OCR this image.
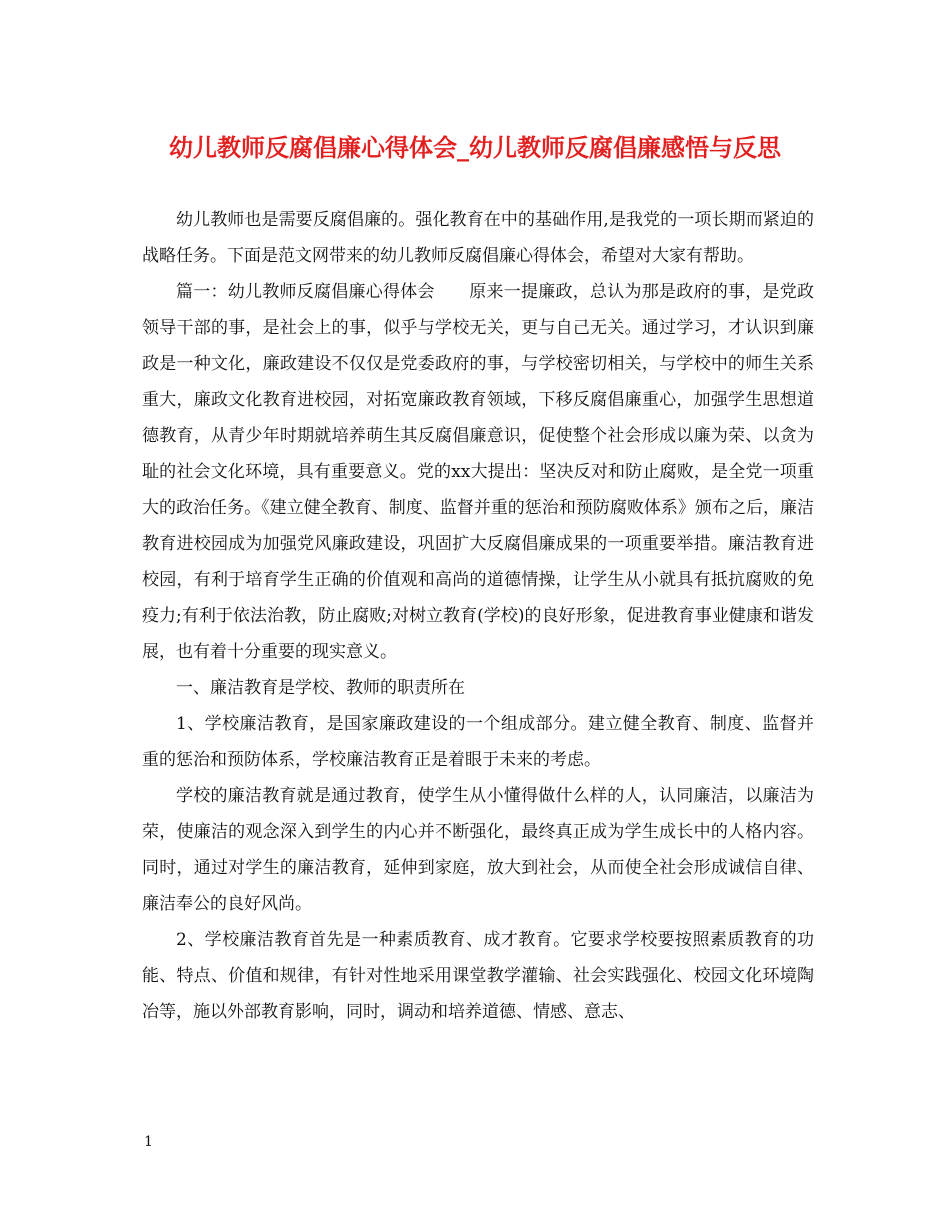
幼儿教师反腐倡廉心得体会_幼儿教师反腐倡廉感悟与反思

幼儿教师也是需要反腐倡廉的。强化教育在中的基础作用,是我党的一项长期而紧迫的战略任务。下面是范文网带来的幼儿教师反腐倡廉心得体会，希望对大家有帮助。

篇一：幼儿教师反腐倡廉心得体会　　原来一提廉政，总认为那是政府的事，是党政领导干部的事，是社会上的事，似乎与学校无关，更与自己无关。通过学习，才认识到廉政是一种文化，廉政建设不仅仅是党委政府的事，与学校密切相关，与学校中的师生关系重大，廉政文化教育进校园，对拓宽廉政教育领域，下移反腐倡廉重心，加强学生思想道德教育，从青少年时期就培养萌生其反腐倡廉意识，促使整个社会形成以廉为荣、以贪为耻的社会文化环境，具有重要意义。党的xx大提出：坚决反对和防止腐败，是全党一项重大的政治任务。《建立健全教育、制度、监督并重的惩治和预防腐败体系》颁布之后，廉洁教育进校园成为加强党风廉政建设，巩固扩大反腐倡廉成果的一项重要举措。廉洁教育进校园，有利于培育学生正确的价值观和高尚的道德情操，让学生从小就具有抵抗腐败的免疫力;有利于依法治教，防止腐败;对树立教育(学校)的良好形象，促进教育事业健康和谐发展，也有着十分重要的现实意义。

一、廉洁教育是学校、教师的职责所在

1、学校廉洁教育，是国家廉政建设的一个组成部分。建立健全教育、制度、监督并重的惩治和预防体系，学校廉洁教育正是着眼于未来的考虑。

学校的廉洁教育就是通过教育，使学生从小懂得做什么样的人，认同廉洁，以廉洁为荣，使廉洁的观念深入到学生的内心并不断强化，最终真正成为学生成长中的人格内容。同时，通过对学生的廉洁教育，延伸到家庭，放大到社会，从而使全社会形成诚信自律、廉洁奉公的良好风尚。

2、学校廉洁教育首先是一种素质教育、成才教育。它要求学校要按照素质教育的功能、特点、价值和规律，有针对性地采用课堂教学灌输、社会实践强化、校园文化环境陶冶等，施以外部教育影响，同时，调动和培养道德、情感、意志、

1
